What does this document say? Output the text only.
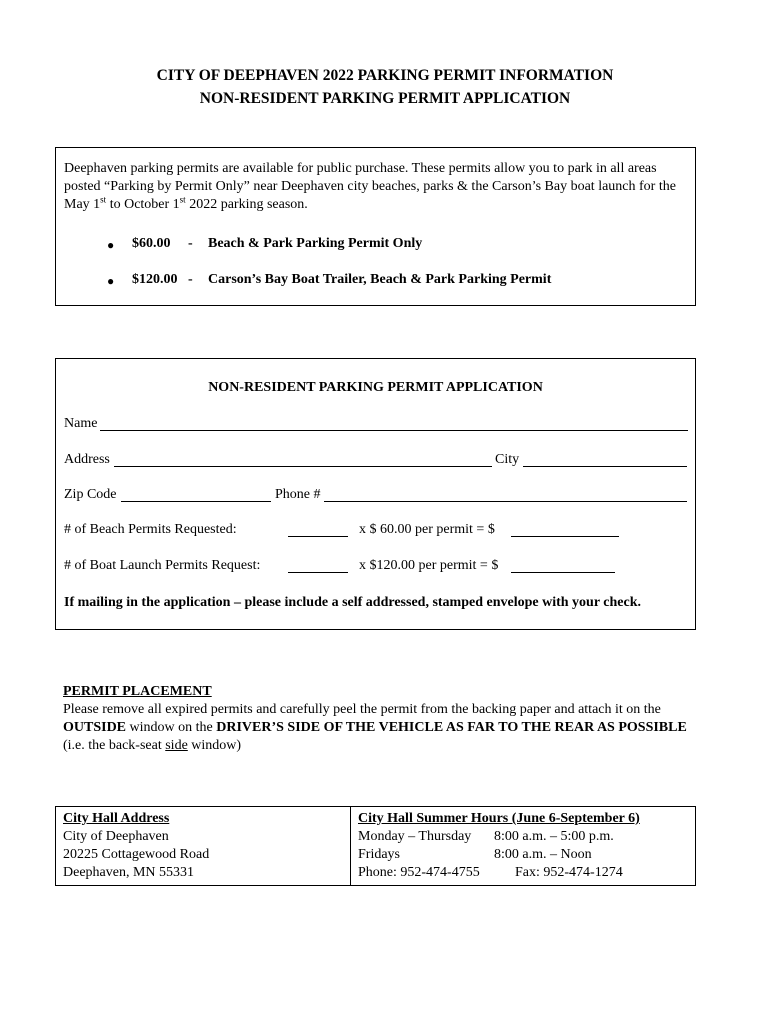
CITY OF DEEPHAVEN 2022 PARKING PERMIT INFORMATION
NON-RESIDENT PARKING PERMIT APPLICATION
Deephaven parking permits are available for public purchase. These permits allow you to park in all areas posted “Parking by Permit Only” near Deephaven city beaches, parks & the Carson’s Bay boat launch for the May 1st to October 1st 2022 parking season.
● $60.00 - Beach & Park Parking Permit Only
● $120.00 - Carson’s Bay Boat Trailer, Beach & Park Parking Permit
NON-RESIDENT PARKING PERMIT APPLICATION
Name
Address	City
Zip Code	Phone #
# of Beach Permits Requested:	x $ 60.00 per permit = $
# of Boat Launch Permits Request:	x $120.00 per permit = $
If mailing in the application – please include a self addressed, stamped envelope with your check.
PERMIT PLACEMENT
Please remove all expired permits and carefully peel the permit from the backing paper and attach it on the OUTSIDE window on the DRIVER’S SIDE OF THE VEHICLE AS FAR TO THE REAR AS POSSIBLE (i.e. the back-seat side window)
City Hall Address
City of Deephaven
20225 Cottagewood Road
Deephaven, MN 55331

City Hall Summer Hours (June 6-September 6)
Monday – Thursday 8:00 a.m. – 5:00 p.m.
Fridays	8:00 a.m. – Noon
Phone: 952-474-4755	Fax: 952-474-1274
